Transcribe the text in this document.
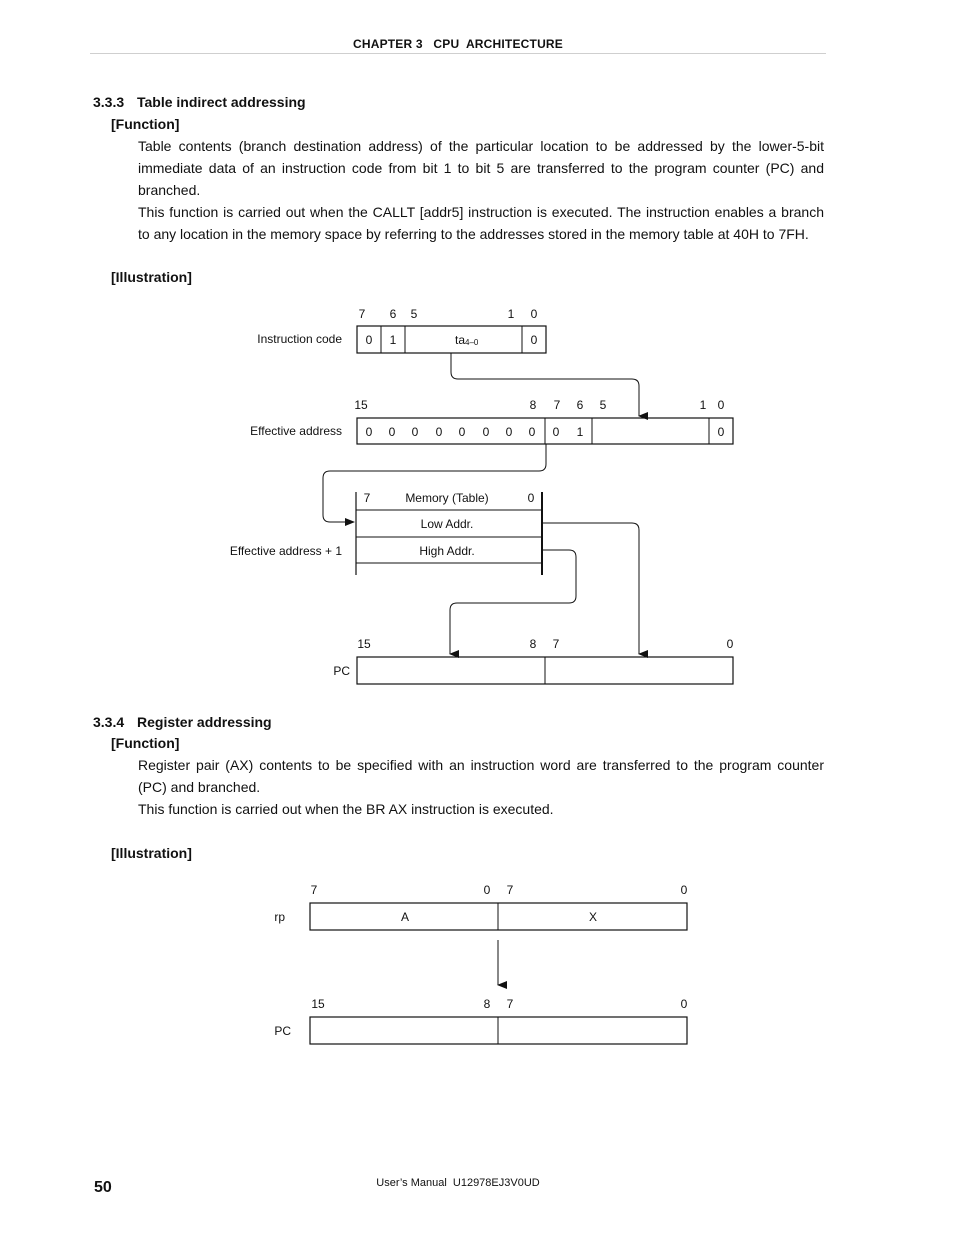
CHAPTER 3   CPU  ARCHITECTURE
3.3.3 Table indirect addressing
[Function]

Table contents (branch destination address) of the particular location to be addressed by the lower-5-bit immediate data of an instruction code from bit 1 to bit 5 are transferred to the program counter (PC) and branched.

This function is carried out when the CALLT [addr5] instruction is executed. The instruction enables a branch to any location in the memory space by referring to the addresses stored in the memory table at 40H to 7FH.

[Illustration]
Instruction code
7 6 5	1 0
0 1	ta4–0	0
Effective address
15	8 7 6 5	1 0
0 0 0 0 0 0 0 0 0 1	0
7	Memory (Table)	0
Low Addr.
High Addr.
Effective address + 1
15	8 7	0
PC
3.3.4 Register addressing
[Function]

Register pair (AX) contents to be specified with an instruction word are transferred to the program counter (PC) and branched.

This function is carried out when the BR AX instruction is executed.

[Illustration]
7	0 7	0
A	X
rp
15	8 7	0
PC
50	User’s Manual  U12978EJ3V0UD
